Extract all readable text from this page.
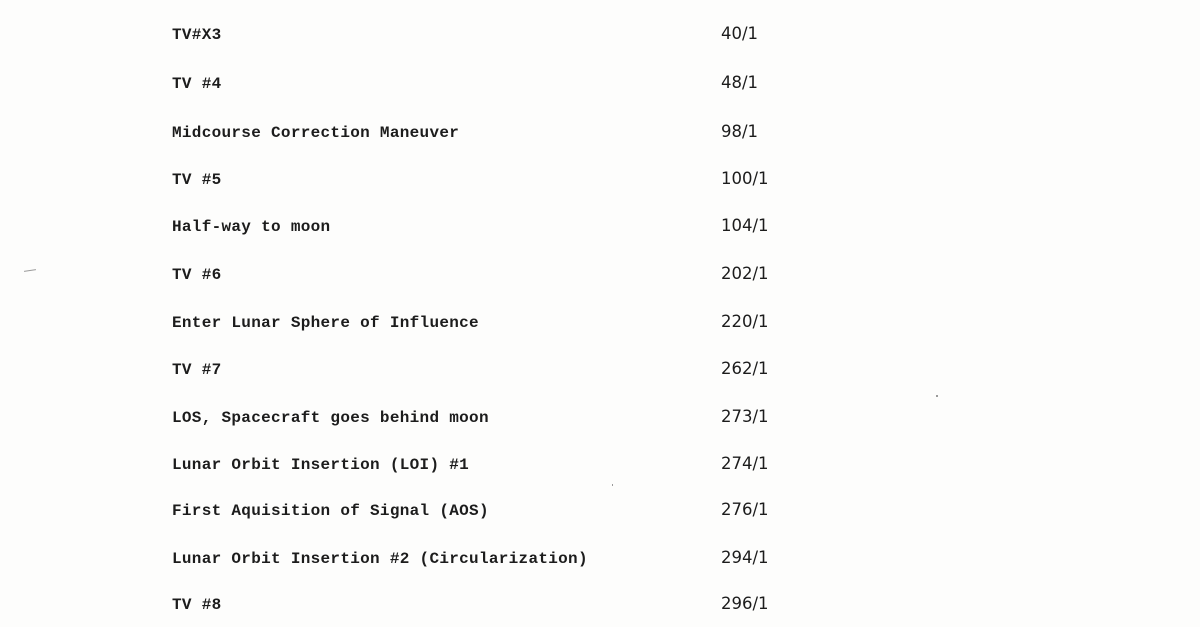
TV#X3	40/1
TV #4	48/1
Midcourse Correction Maneuver	98/1
TV #5	100/1
Half-way to moon	104/1
TV #6	202/1
Enter Lunar Sphere of Influence	220/1
TV #7	262/1
LOS, Spacecraft goes behind moon	273/1
Lunar Orbit Insertion (LOI) #1	274/1
First Aquisition of Signal (AOS)	276/1
Lunar Orbit Insertion #2 (Circularization)	294/1
TV #8	296/1
